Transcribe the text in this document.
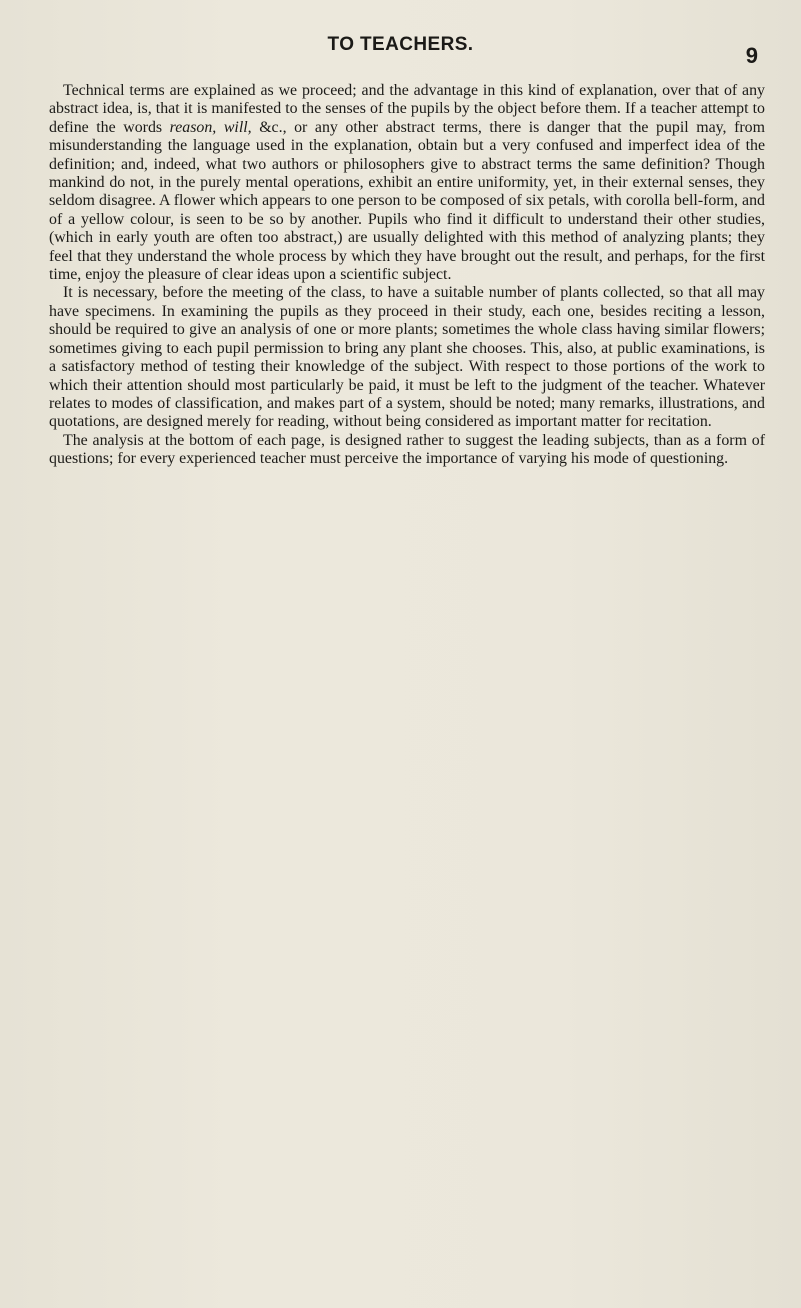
TO TEACHERS.	9

Technical terms are explained as we proceed; and the advantage in this kind of explanation, over that of any abstract idea, is, that it is manifested to the senses of the pupils by the object before them. If a teacher attempt to define the words reason, will, &c., or any other abstract terms, there is danger that the pupil may, from misunderstanding the language used in the explanation, obtain but a very confused and imperfect idea of the definition; and, indeed, what two authors or philosophers give to abstract terms the same definition? Though mankind do not, in the purely mental operations, exhibit an entire uniformity, yet, in their external senses, they seldom disagree. A flower which appears to one person to be composed of six petals, with corolla bell-form, and of a yellow colour, is seen to be so by another. Pupils who find it difficult to understand their other studies, (which in early youth are often too abstract,) are usually delighted with this method of analyzing plants; they feel that they understand the whole process by which they have brought out the result, and perhaps, for the first time, enjoy the pleasure of clear ideas upon a scientific subject.

It is necessary, before the meeting of the class, to have a suitable number of plants collected, so that all may have specimens. In examining the pupils as they proceed in their study, each one, besides reciting a lesson, should be required to give an analysis of one or more plants; sometimes the whole class having similar flowers; sometimes giving to each pupil permission to bring any plant she chooses. This, also, at public examinations, is a satisfactory method of testing their knowledge of the subject. With respect to those portions of the work to which their attention should most particularly be paid, it must be left to the judgment of the teacher. Whatever relates to modes of classification, and makes part of a system, should be noted; many remarks, illustrations, and quotations, are designed merely for reading, without being considered as important matter for recitation.

The analysis at the bottom of each page, is designed rather to suggest the leading subjects, than as a form of questions; for every experienced teacher must perceive the importance of varying his mode of questioning.
